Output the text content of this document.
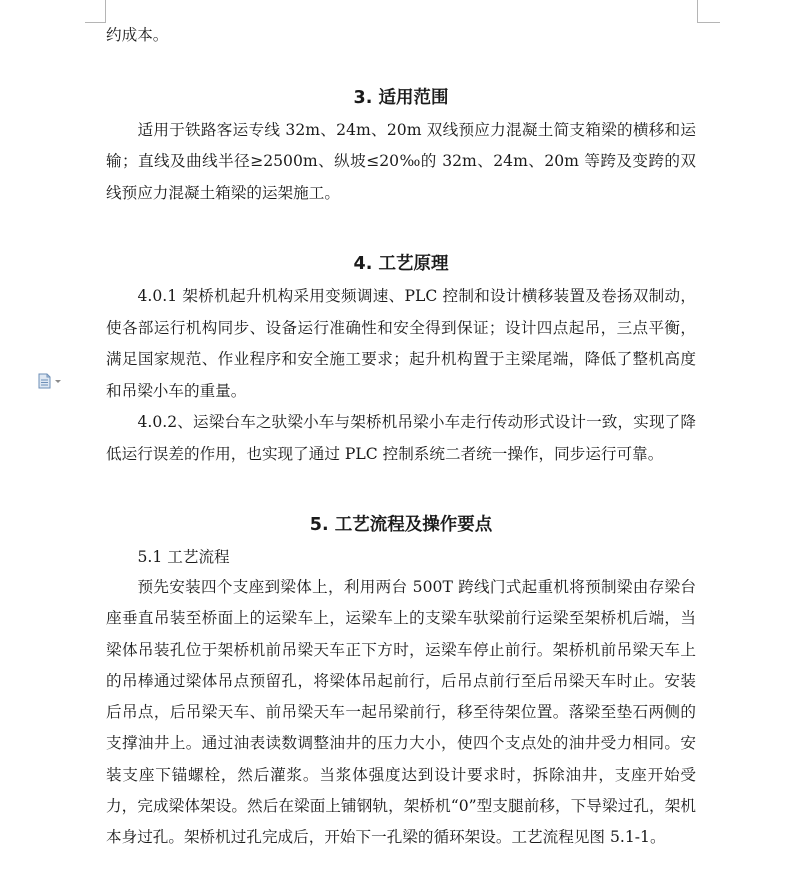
约成本。

3. 适用范围

适用于铁路客运专线 32m、24m、20m 双线预应力混凝土简支箱梁的横移和运输；直线及曲线半径≥2500m、纵坡≤20‰的 32m、24m、20m 等跨及变跨的双线预应力混凝土箱梁的运架施工。

4. 工艺原理

4.0.1 架桥机起升机构采用变频调速、PLC 控制和设计横移装置及卷扬双制动，使各部运行机构同步、设备运行准确性和安全得到保证；设计四点起吊，三点平衡，满足国家规范、作业程序和安全施工要求；起升机构置于主梁尾端，降低了整机高度和吊梁小车的重量。

4.0.2、运梁台车之驮梁小车与架桥机吊梁小车走行传动形式设计一致，实现了降低运行误差的作用，也实现了通过 PLC 控制系统二者统一操作，同步运行可靠。

5. 工艺流程及操作要点

5.1 工艺流程

预先安装四个支座到梁体上，利用两台 500T 跨线门式起重机将预制梁由存梁台座垂直吊装至桥面上的运梁车上，运梁车上的支梁车驮梁前行运梁至架桥机后端，当梁体吊装孔位于架桥机前吊梁天车正下方时，运梁车停止前行。架桥机前吊梁天车上的吊棒通过梁体吊点预留孔，将梁体吊起前行，后吊点前行至后吊梁天车时止。安装后吊点，后吊梁天车、前吊梁天车一起吊梁前行，移至待架位置。落梁至垫石两侧的支撑油井上。通过油表读数调整油井的压力大小，使四个支点处的油井受力相同。安装支座下锚螺栓，然后灌浆。当浆体强度达到设计要求时，拆除油井，支座开始受力，完成梁体架设。然后在梁面上铺钢轨，架桥机“0”型支腿前移，下导梁过孔，架机本身过孔。架桥机过孔完成后，开始下一孔梁的循环架设。工艺流程见图 5.1-1。
